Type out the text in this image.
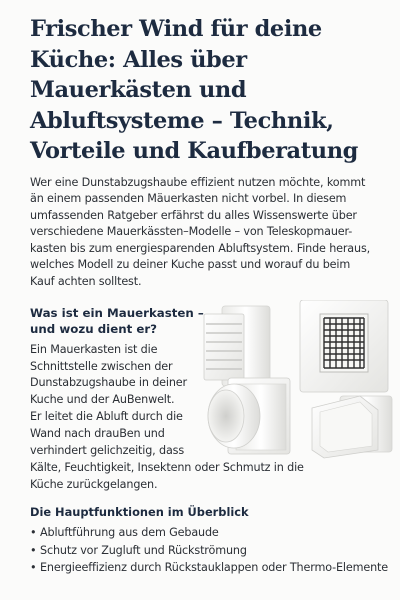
Frischer Wind für deine
Küche: Alles über
Mauerkästen und
Abluftsysteme – Technik,
Vorteile und Kaufberatung

Wer eine Dunstabzugshaube effizient nutzen möchte, kommt
än einem passenden Mäuerkasten nicht vorbel. In diesem
umfassenden Ratgeber erfährst du alles Wissenswerte über
verschiedene Mauerkässten–Modelle – von Teleskopmauer-
kasten bis zum energiesparenden Abluftsystem. Finde heraus,
welches Modell zu deiner Kuche passt und worauf du beim
Kauf achten solltest.

Was ist ein Mauerkasten –
und wozu dient er?

Ein Mauerkasten ist die
Schnittstelle zwischen der
Dunstabzugshaube in deiner
Kuche und der AuBenwelt.
Er leitet die Abluft durch die
Wand nach drauBen und
verhindert gelichzeitig, dass
Kälte, Feuchtigkeit, Insektenn oder Schmutz in die
Küche zurückgelangen.

Die Hauptfunktionen im Überblick
• Abluftführung aus dem Gebaude
• Schutz vor Zugluft und Rückströmung
• Energieeffizienz durch Rückstauklappen oder Thermo-Elemente
